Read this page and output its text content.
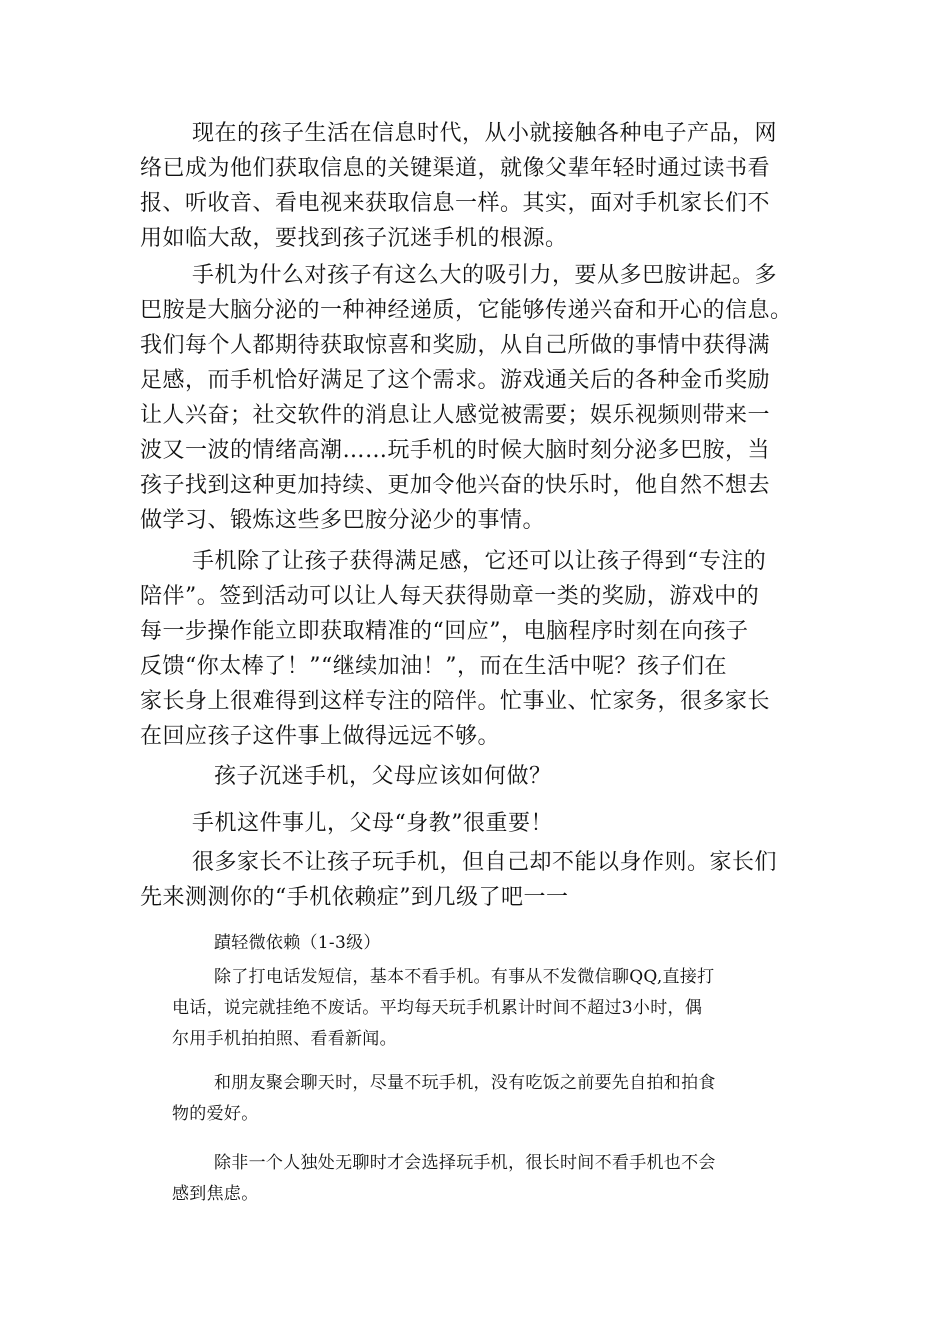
现在的孩子生活在信息时代，从小就接触各种电子产品，网
络已成为他们获取信息的关键渠道，就像父辈年轻时通过读书看
报、听收音、看电视来获取信息一样。其实，面对手机家长们不
用如临大敌，要找到孩子沉迷手机的根源。
手机为什么对孩子有这么大的吸引力，要从多巴胺讲起。多
巴胺是大脑分泌的一种神经递质，它能够传递兴奋和开心的信息。
我们每个人都期待获取惊喜和奖励，从自己所做的事情中获得满
足感，而手机恰好满足了这个需求。游戏通关后的各种金币奖励
让人兴奋；社交软件的消息让人感觉被需要；娱乐视频则带来一
波又一波的情绪高潮……玩手机的时候大脑时刻分泌多巴胺，当
孩子找到这种更加持续、更加令他兴奋的快乐时，他自然不想去
做学习、锻炼这些多巴胺分泌少的事情。
手机除了让孩子获得满足感，它还可以让孩子得到“专注的
陪伴”。签到活动可以让人每天获得勋章一类的奖励，游戏中的
每一步操作能立即获取精准的“回应”，电脑程序时刻在向孩子
反馈“你太棒了！”“继续加油！”，而在生活中呢？孩子们在
家长身上很难得到这样专注的陪伴。忙事业、忙家务，很多家长
在回应孩子这件事上做得远远不够。
孩子沉迷手机，父母应该如何做？
手机这件事儿，父母“身教”很重要！
很多家长不让孩子玩手机，但自己却不能以身作则。家长们
先来测测你的“手机依赖症”到几级了吧一一
蹟轻微依赖（1-3级）
除了打电话发短信，基本不看手机。有事从不发微信聊QQ,直接打
电话，说完就挂绝不废话。平均每天玩手机累计时间不超过3小时，偶
尔用手机拍拍照、看看新闻。
和朋友聚会聊天时，尽量不玩手机，没有吃饭之前要先自拍和拍食
物的爱好。
除非一个人独处无聊时才会选择玩手机，很长时间不看手机也不会
感到焦虑。
